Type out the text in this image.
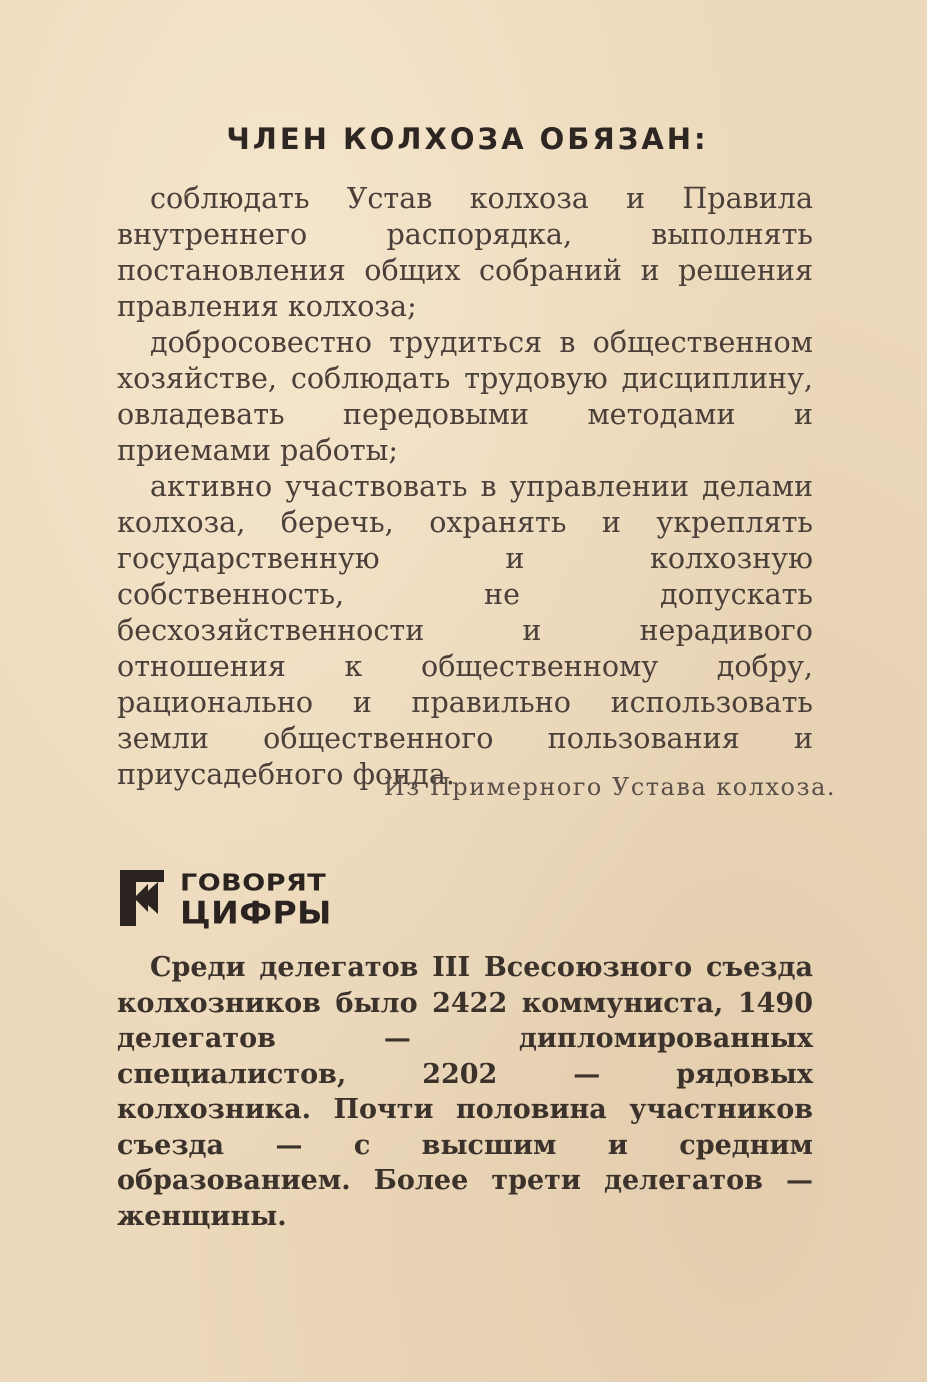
ЧЛЕН КОЛХОЗА ОБЯЗАН:

соблюдать Устав колхоза и Правила внутреннего распорядка, выполнять постановления общих собраний и решения правления колхоза;

добросовестно трудиться в общественном хозяйстве, соблюдать трудовую дисциплину, овладевать передовыми методами и приемами работы;

активно участвовать в управлении делами колхоза, беречь, охранять и укреплять государственную и колхозную собственность, не допускать бесхозяйственности и нерадивого отношения к общественному добру, рационально и правильно использовать земли общественного пользования и приусадебного фонда.

Из Примерного Устава колхоза.

ГОВОРЯТ
ЦИФРЫ

Среди делегатов III Всесоюзного съезда колхозников было 2422 коммуниста, 1490 делегатов — дипломированных специалистов, 2202 — рядовых колхозника. Почти половина участников съезда — с высшим и средним образованием. Более трети делегатов — женщины.
